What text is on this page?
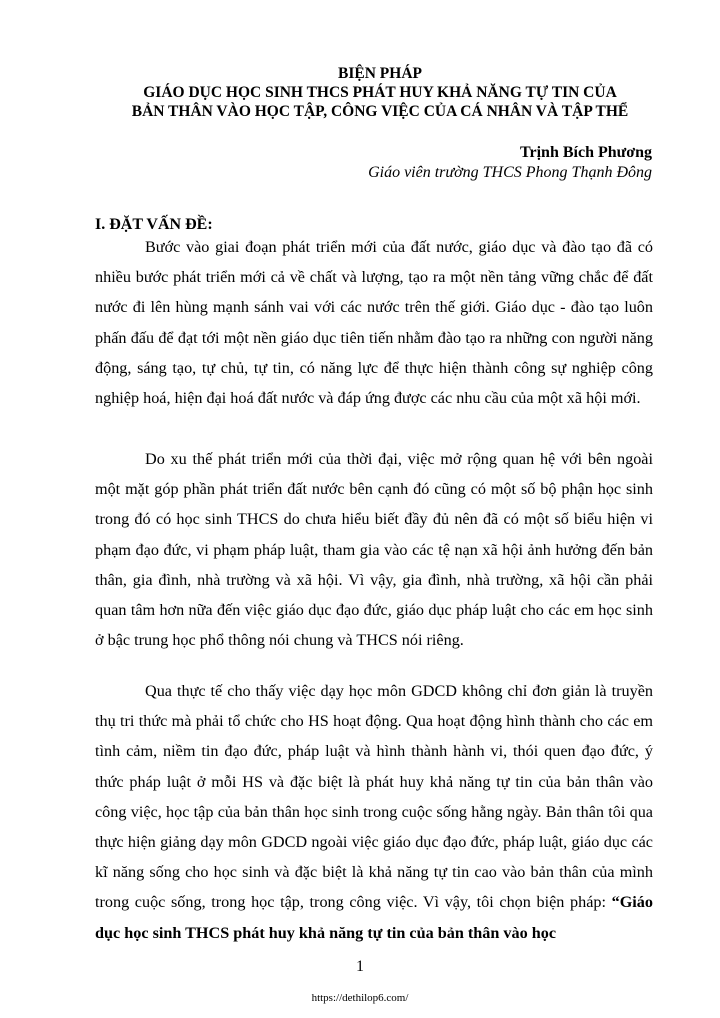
BIỆN PHÁP
GIÁO DỤC HỌC SINH THCS PHÁT HUY KHẢ NĂNG TỰ TIN CỦA
BẢN THÂN VÀO HỌC TẬP, CÔNG VIỆC CỦA CÁ NHÂN VÀ TẬP THỂ
Trịnh Bích Phương
Giáo viên trường THCS Phong Thạnh Đông
I. ĐẶT VẤN ĐỀ:
Bước vào giai đoạn phát triển mới của đất nước, giáo dục và đào tạo đã có nhiều bước phát triển mới cả về chất và lượng, tạo ra một nền tảng vững chắc để đất nước đi lên hùng mạnh sánh vai với các nước trên thế giới. Giáo dục - đào tạo luôn phấn đấu để đạt tới một nền giáo dục tiên tiến nhằm đào tạo ra những con người năng động, sáng tạo, tự chủ, tự tin, có năng lực để thực hiện thành công sự nghiệp công nghiệp hoá, hiện đại hoá đất nước và đáp ứng được các nhu cầu của một xã hội mới.
Do xu thế phát triển mới của thời đại, việc mở rộng quan hệ với bên ngoài một mặt góp phần phát triển đất nước bên cạnh đó cũng có một số bộ phận học sinh trong đó có học sinh THCS do chưa hiểu biết đầy đủ nên đã có một số biểu hiện vi phạm đạo đức, vi phạm pháp luật, tham gia vào các tệ nạn xã hội ảnh hưởng đến bản thân, gia đình, nhà trường và xã hội. Vì vậy, gia đình, nhà trường, xã hội cần phải quan tâm hơn nữa đến việc giáo dục đạo đức, giáo dục pháp luật cho các em học sinh ở bậc trung học phổ thông nói chung và THCS nói riêng.
Qua thực tế cho thấy việc dạy học môn GDCD không chỉ đơn giản là truyền thụ tri thức mà phải tổ chức cho HS hoạt động. Qua hoạt động hình thành cho các em tình cảm, niềm tin đạo đức, pháp luật và hình thành hành vi, thói quen đạo đức, ý thức pháp luật ở mỗi HS và đặc biệt là phát huy khả năng tự tin của bản thân vào công việc, học tập của bản thân học sinh trong cuộc sống hằng ngày. Bản thân tôi qua thực hiện giảng dạy môn GDCD ngoài việc giáo dục đạo đức, pháp luật, giáo dục các kĩ năng sống cho học sinh và đặc biệt là khả năng tự tin cao vào bản thân của mình trong cuộc sống, trong học tập, trong công việc. Vì vậy, tôi chọn biện pháp: “Giáo dục học sinh THCS phát huy khả năng tự tin của bản thân vào học
1
https://dethilop6.com/
